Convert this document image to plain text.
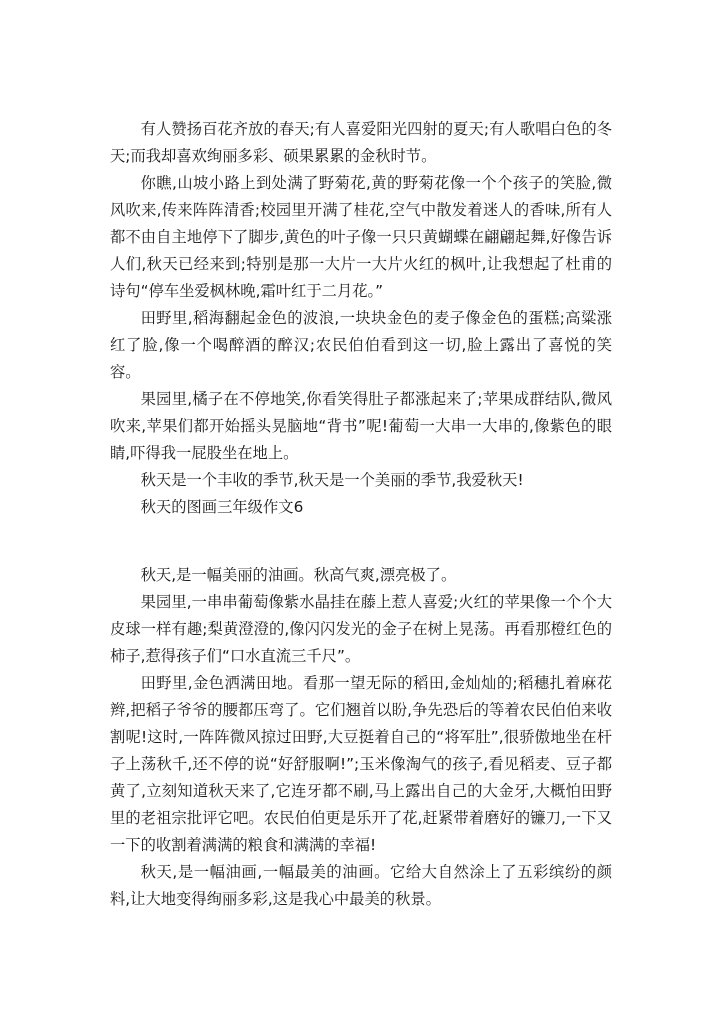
有人赞扬百花齐放的春天;有人喜爱阳光四射的夏天;有人歌唱白色的冬天;而我却喜欢绚丽多彩、硕果累累的金秋时节。

你瞧,山坡小路上到处满了野菊花,黄的野菊花像一个个孩子的笑脸,微风吹来,传来阵阵清香;校园里开满了桂花,空气中散发着迷人的香味,所有人都不由自主地停下了脚步,黄色的叶子像一只只黄蝴蝶在翩翩起舞,好像告诉人们,秋天已经来到;特别是那一大片一大片火红的枫叶,让我想起了杜甫的诗句“停车坐爱枫林晚,霜叶红于二月花。”

田野里,稻海翻起金色的波浪,一块块金色的麦子像金色的蛋糕;高粱涨红了脸,像一个喝醉酒的醉汉;农民伯伯看到这一切,脸上露出了喜悦的笑容。

果园里,橘子在不停地笑,你看笑得肚子都涨起来了;苹果成群结队,微风吹来,苹果们都开始摇头晃脑地“背书”呢!葡萄一大串一大串的,像紫色的眼睛,吓得我一屁股坐在地上。

秋天是一个丰收的季节,秋天是一个美丽的季节,我爱秋天!

秋天的图画三年级作文6

秋天,是一幅美丽的油画。秋高气爽,漂亮极了。

果园里,一串串葡萄像紫水晶挂在藤上惹人喜爱;火红的苹果像一个个大皮球一样有趣;梨黄澄澄的,像闪闪发光的金子在树上晃荡。再看那橙红色的柿子,惹得孩子们“口水直流三千尺”。

田野里,金色洒满田地。看那一望无际的稻田,金灿灿的;稻穗扎着麻花辫,把稻子爷爷的腰都压弯了。它们翘首以盼,争先恐后的等着农民伯伯来收割呢!这时,一阵阵微风掠过田野,大豆挺着自己的“将军肚”,很骄傲地坐在杆子上荡秋千,还不停的说“好舒服啊!”;玉米像淘气的孩子,看见稻麦、豆子都黄了,立刻知道秋天来了,它连牙都不刷,马上露出自己的大金牙,大概怕田野里的老祖宗批评它吧。农民伯伯更是乐开了花,赶紧带着磨好的镰刀,一下又一下的收割着满满的粮食和满满的幸福!

秋天,是一幅油画,一幅最美的油画。它给大自然涂上了五彩缤纷的颜料,让大地变得绚丽多彩,这是我心中最美的秋景。
